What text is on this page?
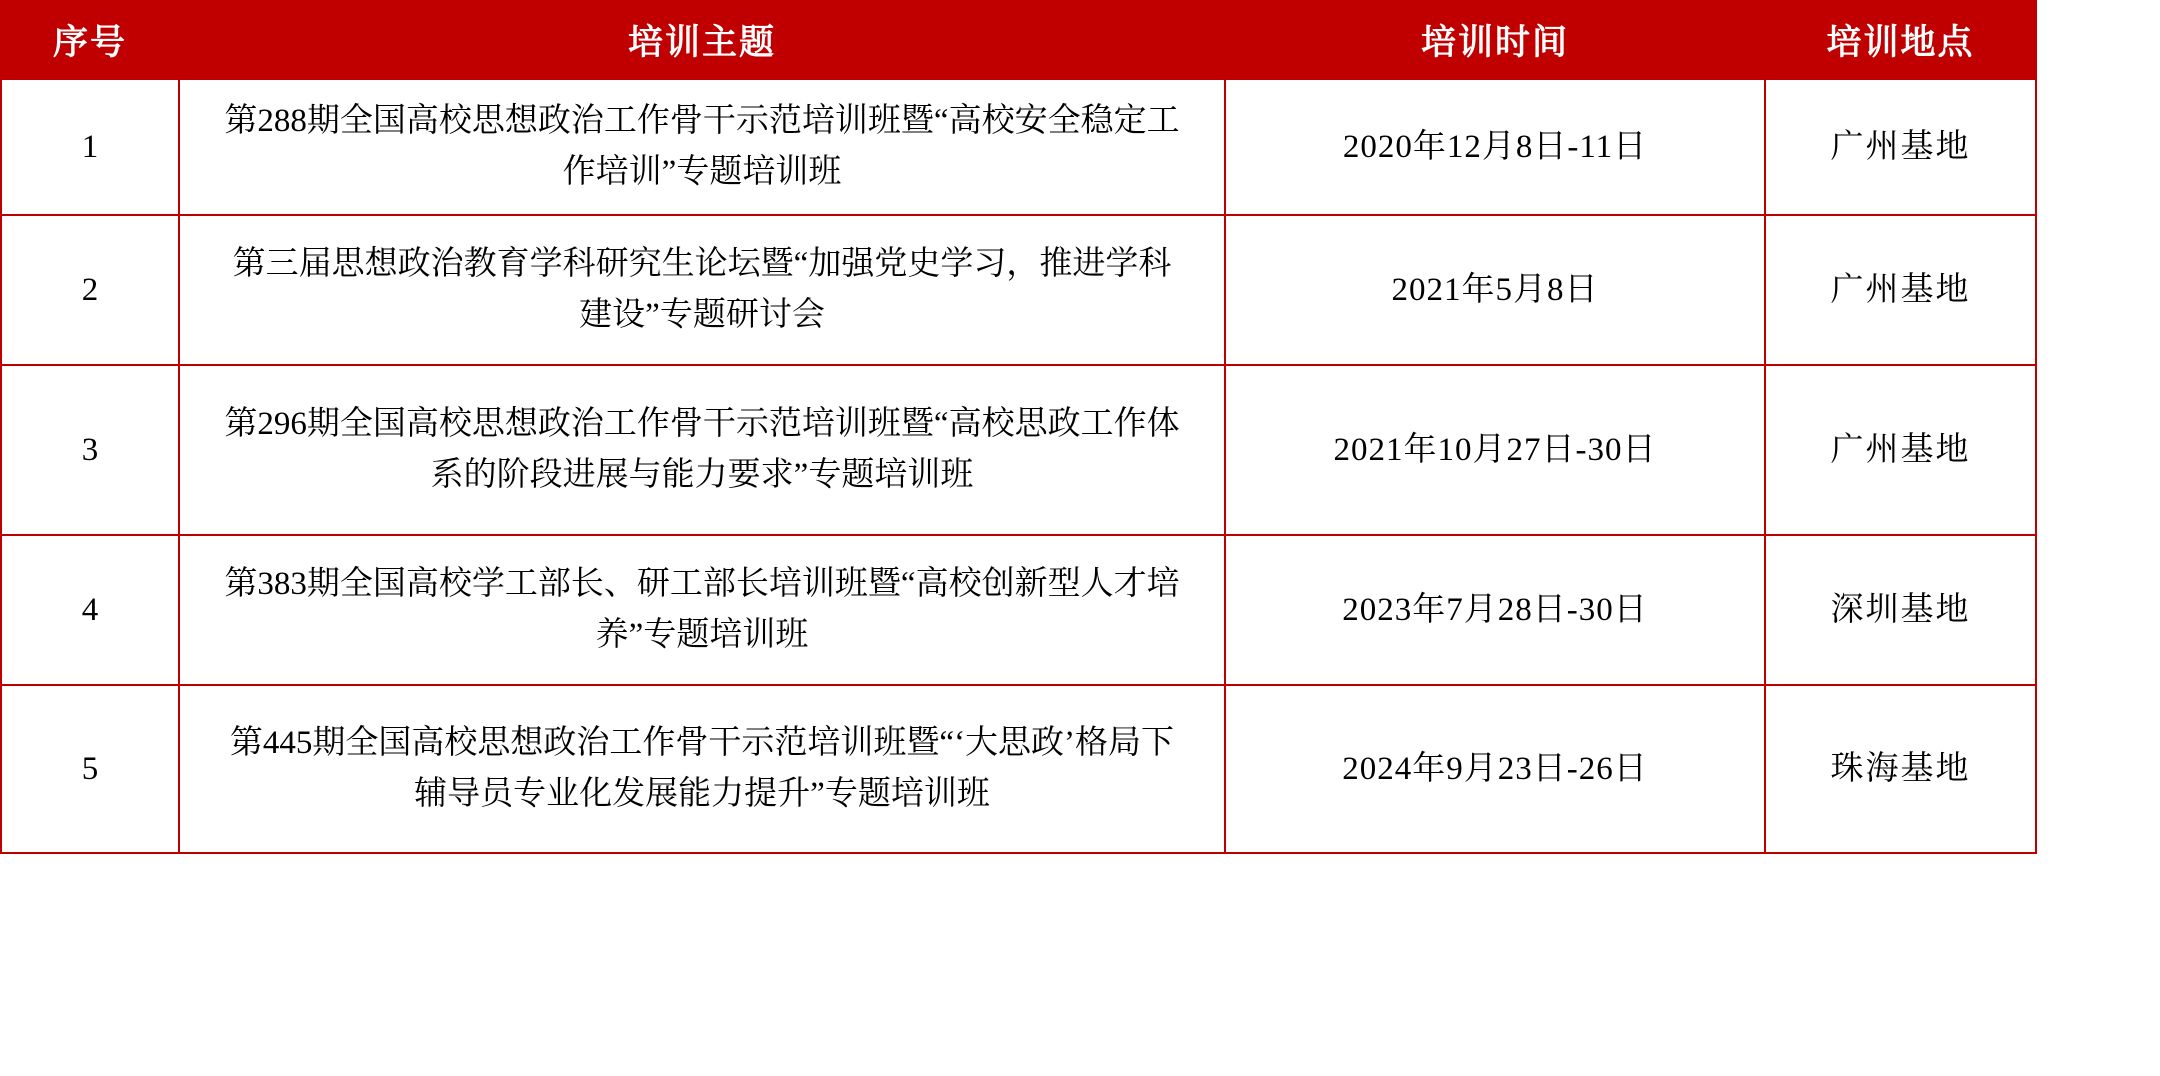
序号	培训主题	培训时间	培训地点
1	第288期全国高校思想政治工作骨干示范培训班暨“高校安全稳定工作培训”专题培训班	2020年12月8日-11日	广州基地
2	第三届思想政治教育学科研究生论坛暨“加强党史学习，推进学科建设”专题研讨会	2021年5月8日	广州基地
3	第296期全国高校思想政治工作骨干示范培训班暨“高校思政工作体系的阶段进展与能力要求”专题培训班	2021年10月27日-30日	广州基地
4	第383期全国高校学工部长、研工部长培训班暨“高校创新型人才培养”专题培训班	2023年7月28日-30日	深圳基地
5	第445期全国高校思想政治工作骨干示范培训班暨“‘大思政’格局下辅导员专业化发展能力提升”专题培训班	2024年9月23日-26日	珠海基地
